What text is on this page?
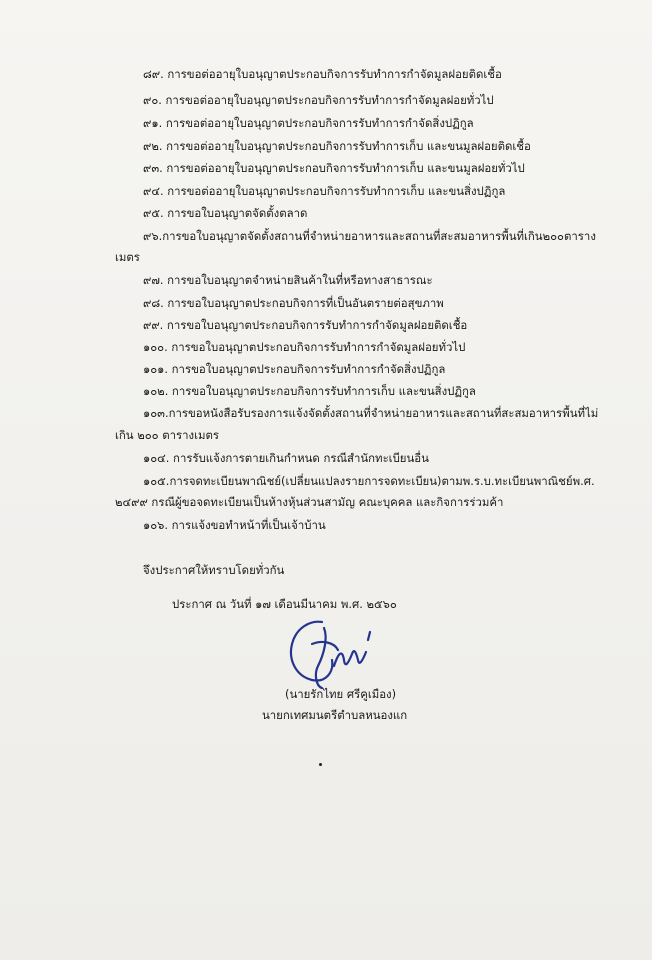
๘๙. การขอต่ออายุใบอนุญาตประกอบกิจการรับทำการกำจัดมูลฝอยติดเชื้อ
๙๐. การขอต่ออายุใบอนุญาตประกอบกิจการรับทำการกำจัดมูลฝอยทั่วไป
๙๑. การขอต่ออายุใบอนุญาตประกอบกิจการรับทำการกำจัดสิ่งปฏิกูล
๙๒. การขอต่ออายุใบอนุญาตประกอบกิจการรับทำการเก็บ และขนมูลฝอยติดเชื้อ
๙๓. การขอต่ออายุใบอนุญาตประกอบกิจการรับทำการเก็บ และขนมูลฝอยทั่วไป
๙๔. การขอต่ออายุใบอนุญาตประกอบกิจการรับทำการเก็บ และขนสิ่งปฏิกูล
๙๕. การขอใบอนุญาตจัดตั้งตลาด
๙๖. การขอใบอนุญาตจัดตั้งสถานที่จำหน่ายอาหารและสถานที่สะสมอาหาร พื้นที่เกิน ๒๐๐ ตาราง
เมตร
๙๗. การขอใบอนุญาตจำหน่ายสินค้าในที่หรือทางสาธารณะ
๙๘. การขอใบอนุญาตประกอบกิจการที่เป็นอันตรายต่อสุขภาพ
๙๙. การขอใบอนุญาตประกอบกิจการรับทำการกำจัดมูลฝอยติดเชื้อ
๑๐๐. การขอใบอนุญาตประกอบกิจการรับทำการกำจัดมูลฝอยทั่วไป
๑๐๑. การขอใบอนุญาตประกอบกิจการรับทำการกำจัดสิ่งปฏิกูล
๑๐๒. การขอใบอนุญาตประกอบกิจการรับทำการเก็บ และขนสิ่งปฏิกูล
๑๐๓. การขอหนังสือรับรองการแจ้งจัดตั้งสถานที่จำหน่ายอาหารและสถานที่สะสมอาหาร พื้นที่ไม่
เกิน ๒๐๐ ตารางเมตร
๑๐๔. การรับแจ้งการตายเกินกำหนด กรณีสำนักทะเบียนอื่น
๑๐๕. การจดทะเบียนพาณิชย์ (เปลี่ยนแปลงรายการจดทะเบียน) ตาม พ.ร.บ.ทะเบียนพาณิชย์ พ.ศ.
๒๔๙๙ กรณีผู้ขอจดทะเบียนเป็นห้างหุ้นส่วนสามัญ คณะบุคคล และกิจการร่วมค้า
๑๐๖. การแจ้งขอทำหน้าที่เป็นเจ้าบ้าน
จึงประกาศให้ทราบโดยทั่วกัน
ประกาศ ณ วันที่ ๑๗ เดือนมีนาคม พ.ศ. ๒๕๖๐
(นายรักไทย ศรีคูเมือง)
นายกเทศมนตรีตำบลหนองแก
